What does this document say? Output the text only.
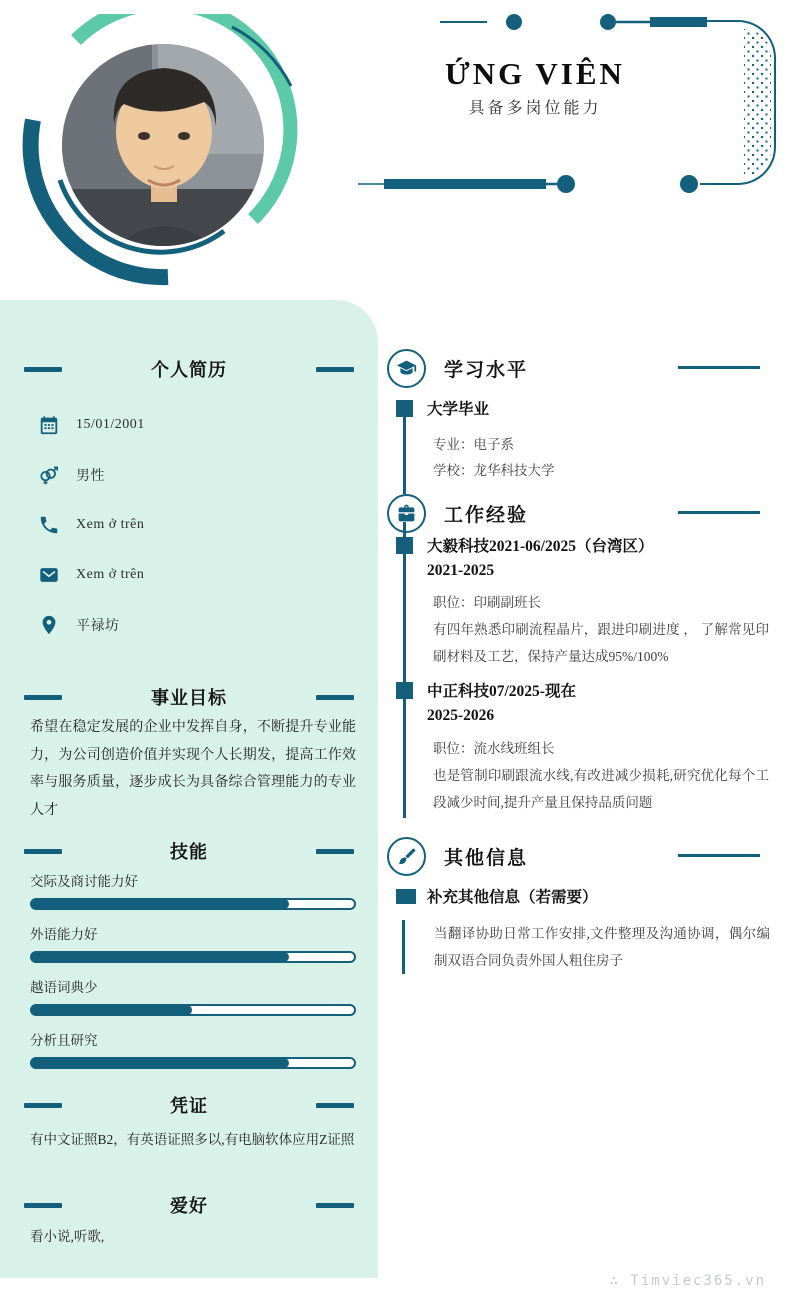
ỨNG VIÊN
具备多岗位能力
个人简历
15/01/2001
男性
Xem ở trên
Xem ở trên
平禄坊
事业目标
希望在稳定发展的企业中发挥自身，不断提升专业能力，为公司创造价值并实现个人长期发，提高工作效率与服务质量，逐步成长为具备综合管理能力的专业人才
技能
交际及商讨能力好
外语能力好
越语词典少
分析且研究
凭证
有中文证照B2，有英语证照多以,有电脑软体应用Z证照
爱好
看小说,听歌,
学习水平
大学毕业
专业：电子系
学校：龙华科技大学
工作经验
大毅科技2021-06/2025（台湾区）
2021-2025
职位：印刷副班长
有四年熟悉印刷流程晶片，跟进印刷进度 ， 了解常见印刷材料及工艺，保持产量达成95%/100%
中正科技07/2025-现在
2025-2026
职位：流水线班组长
也是管制印刷跟流水线,有改进减少损耗,研究优化每个工段减少时间,提升产量且保持品质问题
其他信息
补充其他信息（若需要）
当翻译协助日常工作安排,文件整理及沟通协调，偶尔编制双语合同负责外国人粗住房子
∴ Timviec365.vn
